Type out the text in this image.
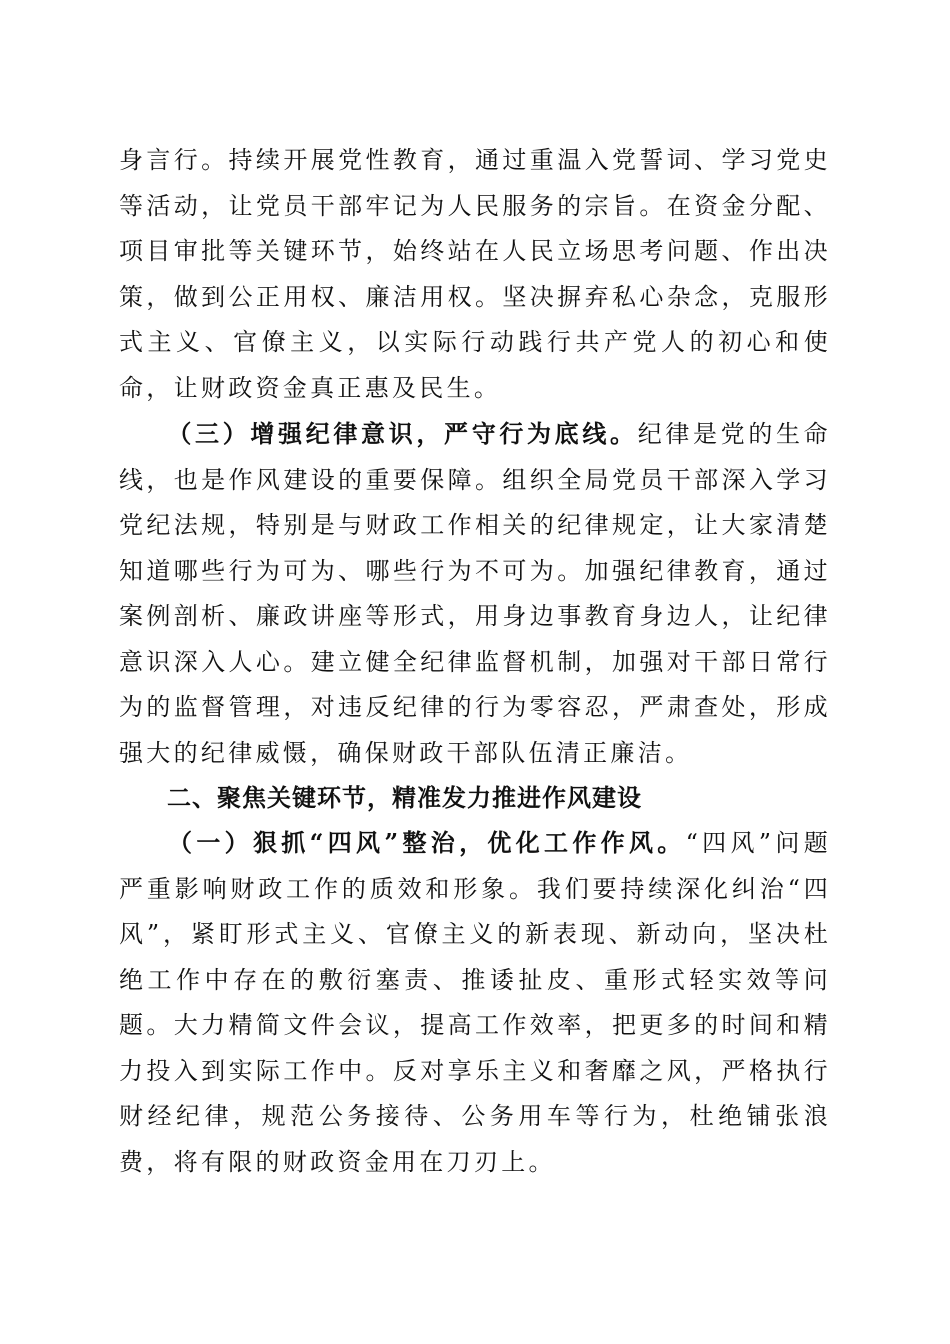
身言行。持续开展党性教育，通过重温入党誓词、学习党史等活动，让党员干部牢记为人民服务的宗旨。在资金分配、项目审批等关键环节，始终站在人民立场思考问题、作出决策，做到公正用权、廉洁用权。坚决摒弃私心杂念，克服形式主义、官僚主义，以实际行动践行共产党人的初心和使命，让财政资金真正惠及民生。

（三）增强纪律意识，严守行为底线。纪律是党的生命线，也是作风建设的重要保障。组织全局党员干部深入学习党纪法规，特别是与财政工作相关的纪律规定，让大家清楚知道哪些行为可为、哪些行为不可为。加强纪律教育，通过案例剖析、廉政讲座等形式，用身边事教育身边人，让纪律意识深入人心。建立健全纪律监督机制，加强对干部日常行为的监督管理，对违反纪律的行为零容忍，严肃查处，形成强大的纪律威慑，确保财政干部队伍清正廉洁。

二、聚焦关键环节，精准发力推进作风建设

（一）狠抓“四风”整治，优化工作作风。“四风”问题严重影响财政工作的质效和形象。我们要持续深化纠治“四风”，紧盯形式主义、官僚主义的新表现、新动向，坚决杜绝工作中存在的敷衍塞责、推诿扯皮、重形式轻实效等问题。大力精简文件会议，提高工作效率，把更多的时间和精力投入到实际工作中。反对享乐主义和奢靡之风，严格执行财经纪律，规范公务接待、公务用车等行为，杜绝铺张浪费，将有限的财政资金用在刀刃上。
